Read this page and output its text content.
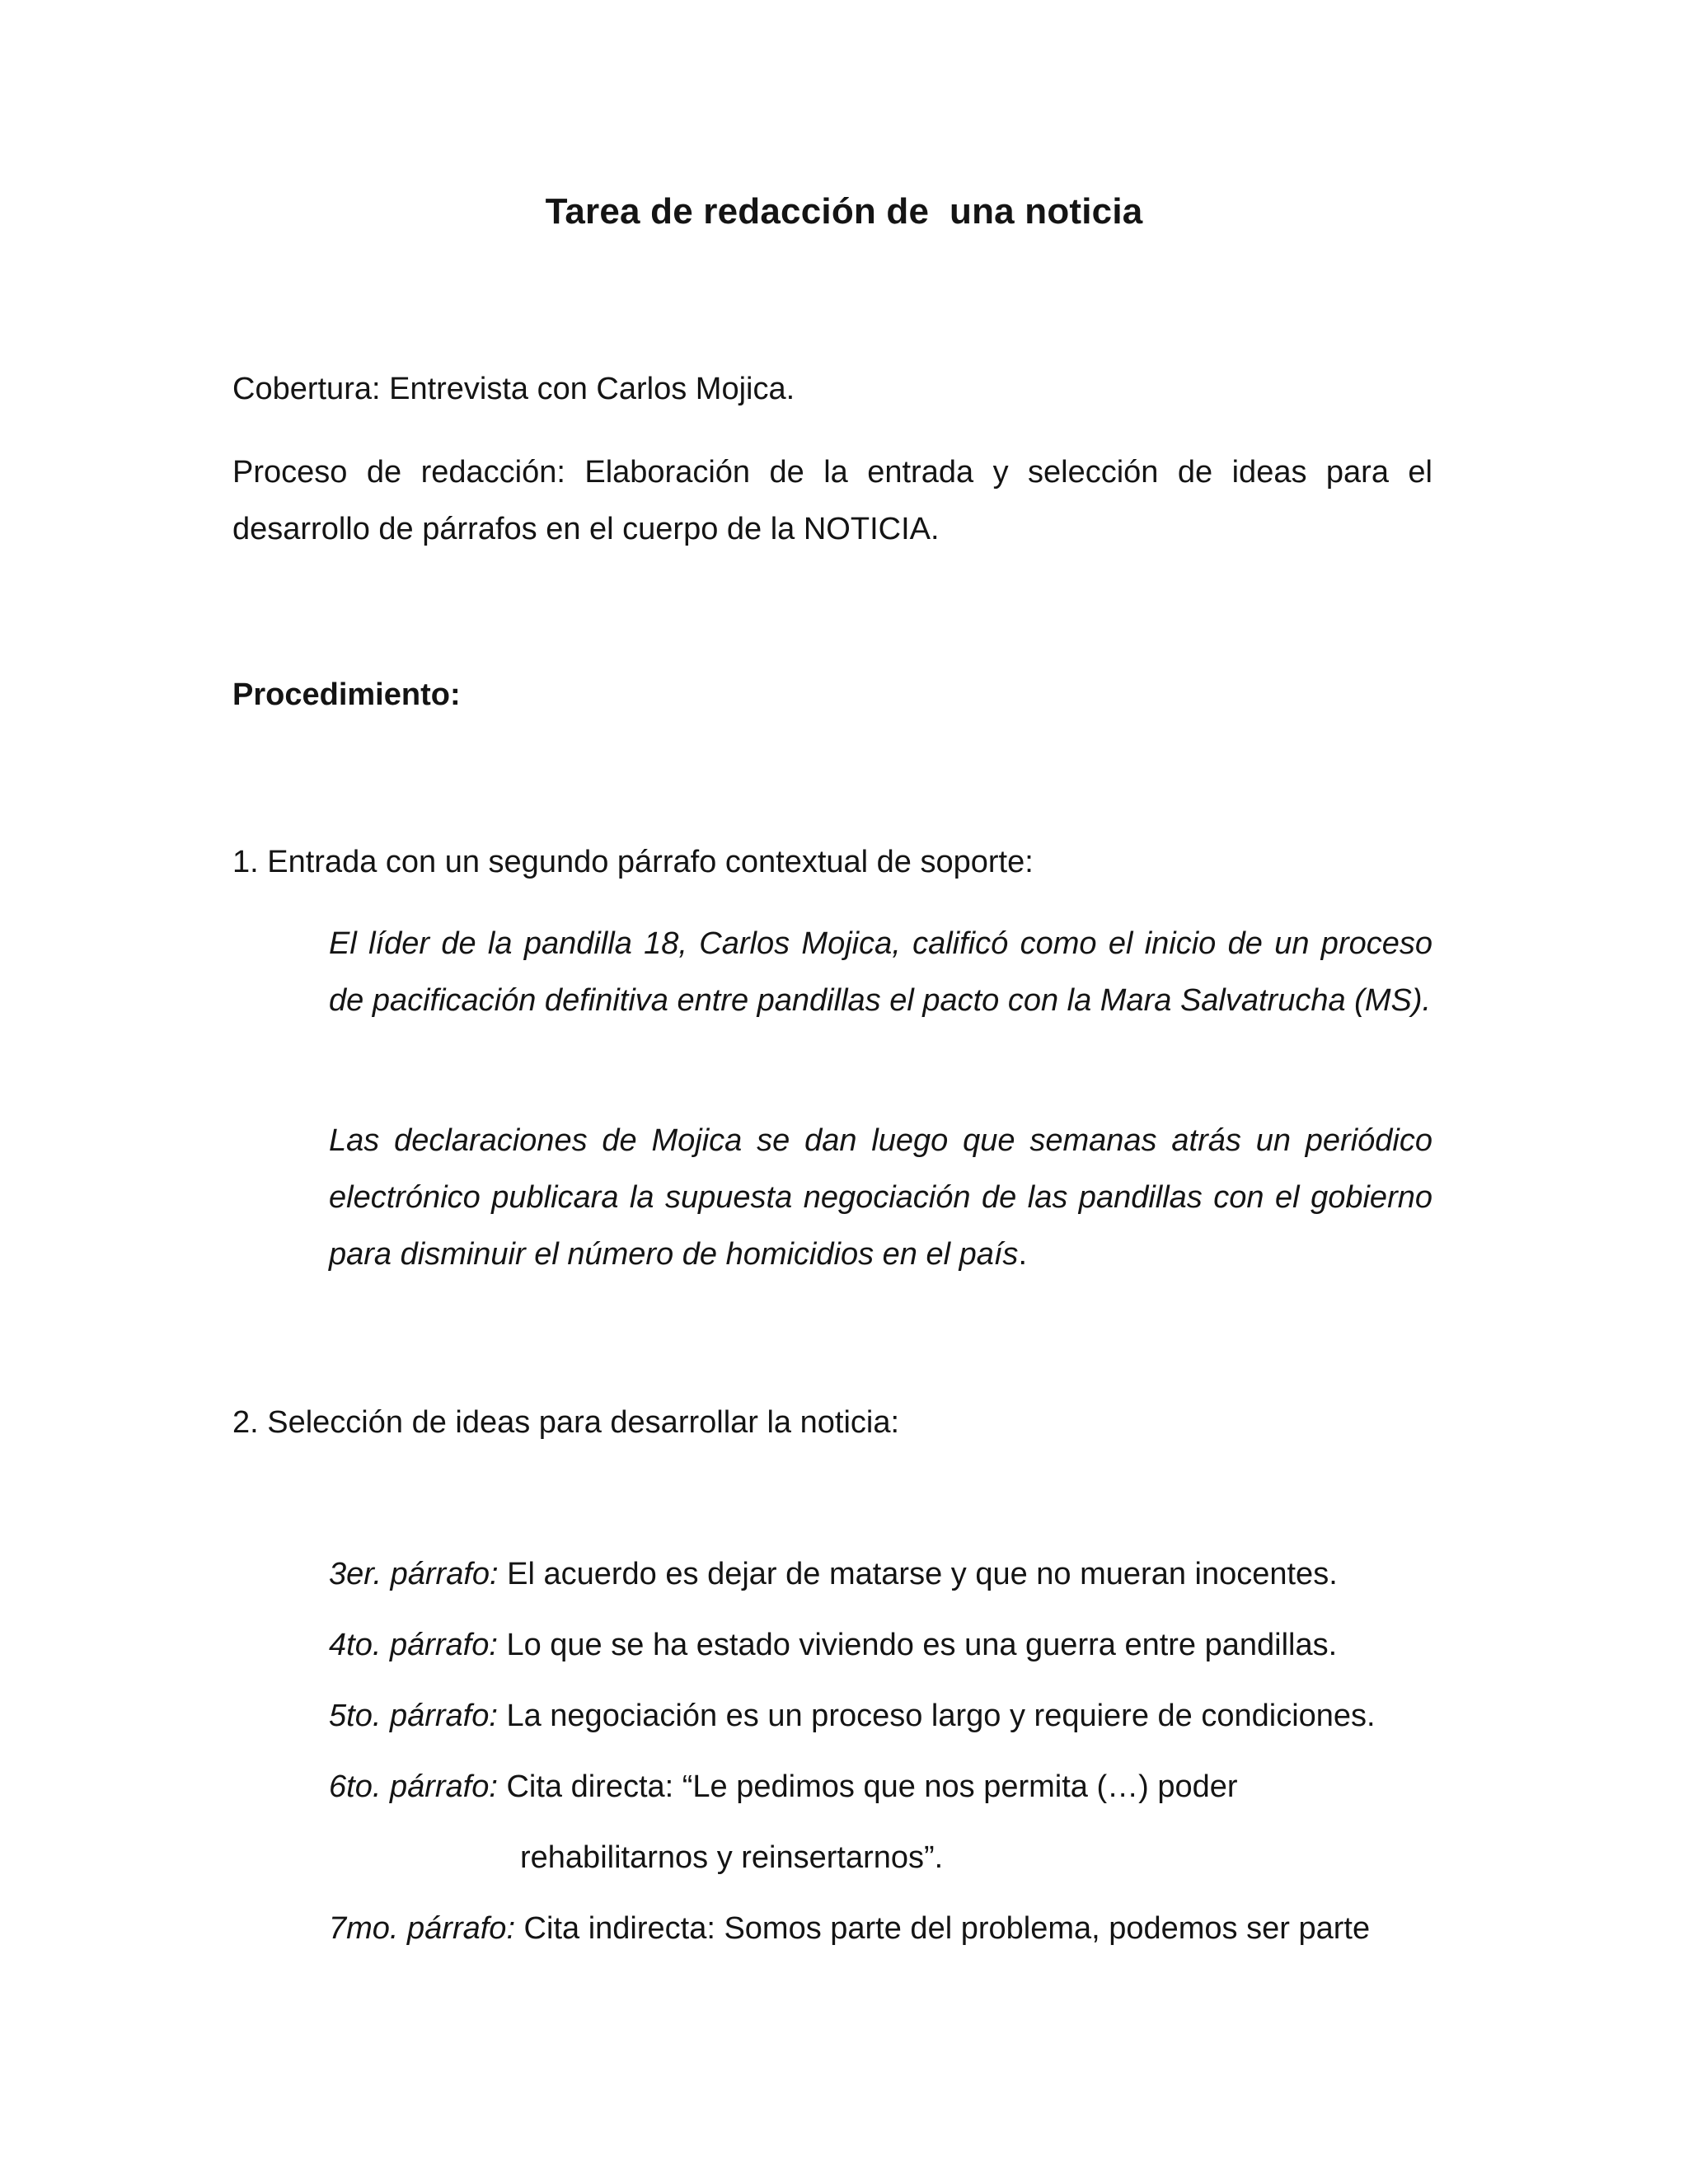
Tarea de redacción de  una noticia
Cobertura: Entrevista con Carlos Mojica.
Proceso de redacción: Elaboración de la entrada y selección de ideas para el desarrollo de párrafos en el cuerpo de la NOTICIA.
Procedimiento:
1. Entrada con un segundo párrafo contextual de soporte:
El líder de la pandilla 18, Carlos Mojica, calificó como el inicio de un proceso de pacificación definitiva entre pandillas el pacto con la Mara Salvatrucha (MS).
Las declaraciones de Mojica se dan luego que semanas atrás un periódico electrónico publicara la supuesta negociación de las pandillas con el gobierno para disminuir el número de homicidios en el país.
2. Selección de ideas para desarrollar la noticia:
3er. párrafo: El acuerdo es dejar de matarse y que no mueran inocentes.
4to. párrafo: Lo que se ha estado viviendo es una guerra entre pandillas.
5to. párrafo: La negociación es un proceso largo y requiere de condiciones.
6to. párrafo: Cita directa: “Le pedimos que nos permita (…) poder
rehabilitarnos y reinsertarnos”.
7mo. párrafo: Cita indirecta: Somos parte del problema, podemos ser parte
